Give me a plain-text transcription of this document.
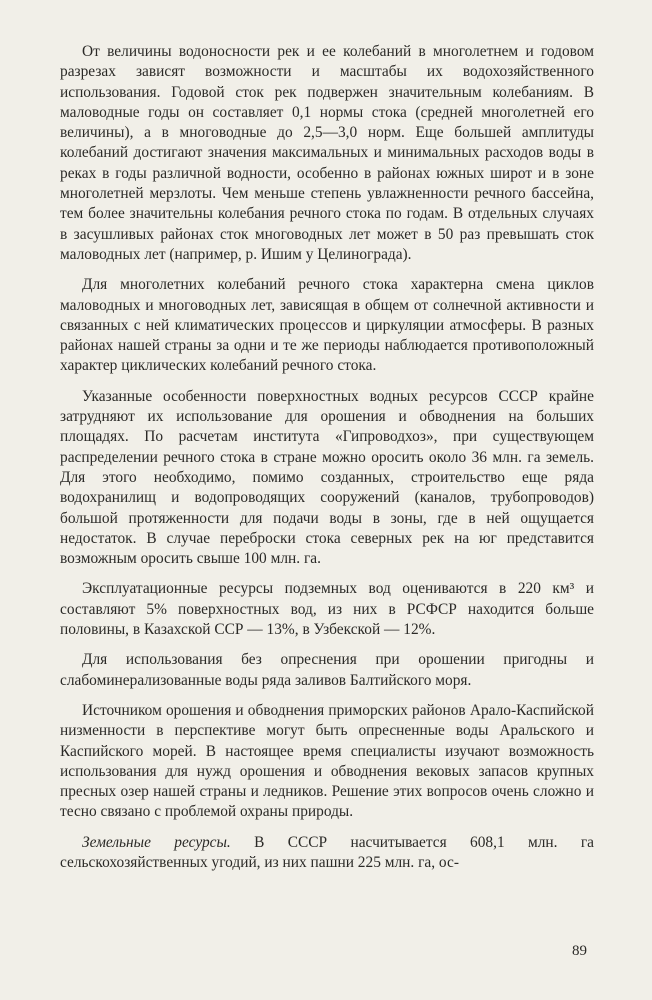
От величины водоносности рек и ее колебаний в многолетнем и годовом разрезах зависят возможности и масштабы их водохозяйственного использования. Годовой сток рек подвержен значительным колебаниям. В маловодные годы он составляет 0,1 нормы стока (средней многолетней его величины), а в многоводные до 2,5—3,0 норм. Еще большей амплитуды колебаний достигают значения максимальных и минимальных расходов воды в реках в годы различной водности, особенно в районах южных широт и в зоне многолетней мерзлоты. Чем меньше степень увлажненности речного бассейна, тем более значительны колебания речного стока по годам. В отдельных случаях в засушливых районах сток многоводных лет может в 50 раз превышать сток маловодных лет (например, р. Ишим у Целинограда).

Для многолетних колебаний речного стока характерна смена циклов маловодных и многоводных лет, зависящая в общем от солнечной активности и связанных с ней климатических процессов и циркуляции атмосферы. В разных районах нашей страны за одни и те же периоды наблюдается противоположный характер циклических колебаний речного стока.

Указанные особенности поверхностных водных ресурсов СССР крайне затрудняют их использование для орошения и обводнения на больших площадях. По расчетам института «Гипроводхоз», при существующем распределении речного стока в стране можно оросить около 36 млн. га земель. Для этого необходимо, помимо созданных, строительство еще ряда водохранилищ и водопроводящих сооружений (каналов, трубопроводов) большой протяженности для подачи воды в зоны, где в ней ощущается недостаток. В случае переброски стока северных рек на юг представится возможным оросить свыше 100 млн. га.

Эксплуатационные ресурсы подземных вод оцениваются в 220 км³ и составляют 5% поверхностных вод, из них в РСФСР находится больше половины, в Казахской ССР — 13%, в Узбекской — 12%.

Для использования без опреснения при орошении пригодны и слабоминерализованные воды ряда заливов Балтийского моря.

Источником орошения и обводнения приморских районов Арало-Каспийской низменности в перспективе могут быть опресненные воды Аральского и Каспийского морей. В настоящее время специалисты изучают возможность использования для нужд орошения и обводнения вековых запасов крупных пресных озер нашей страны и ледников. Решение этих вопросов очень сложно и тесно связано с проблемой охраны природы.

Земельные ресурсы. В СССР насчитывается 608,1 млн. га сельскохозяйственных угодий, из них пашни 225 млн. га, ос-

89
